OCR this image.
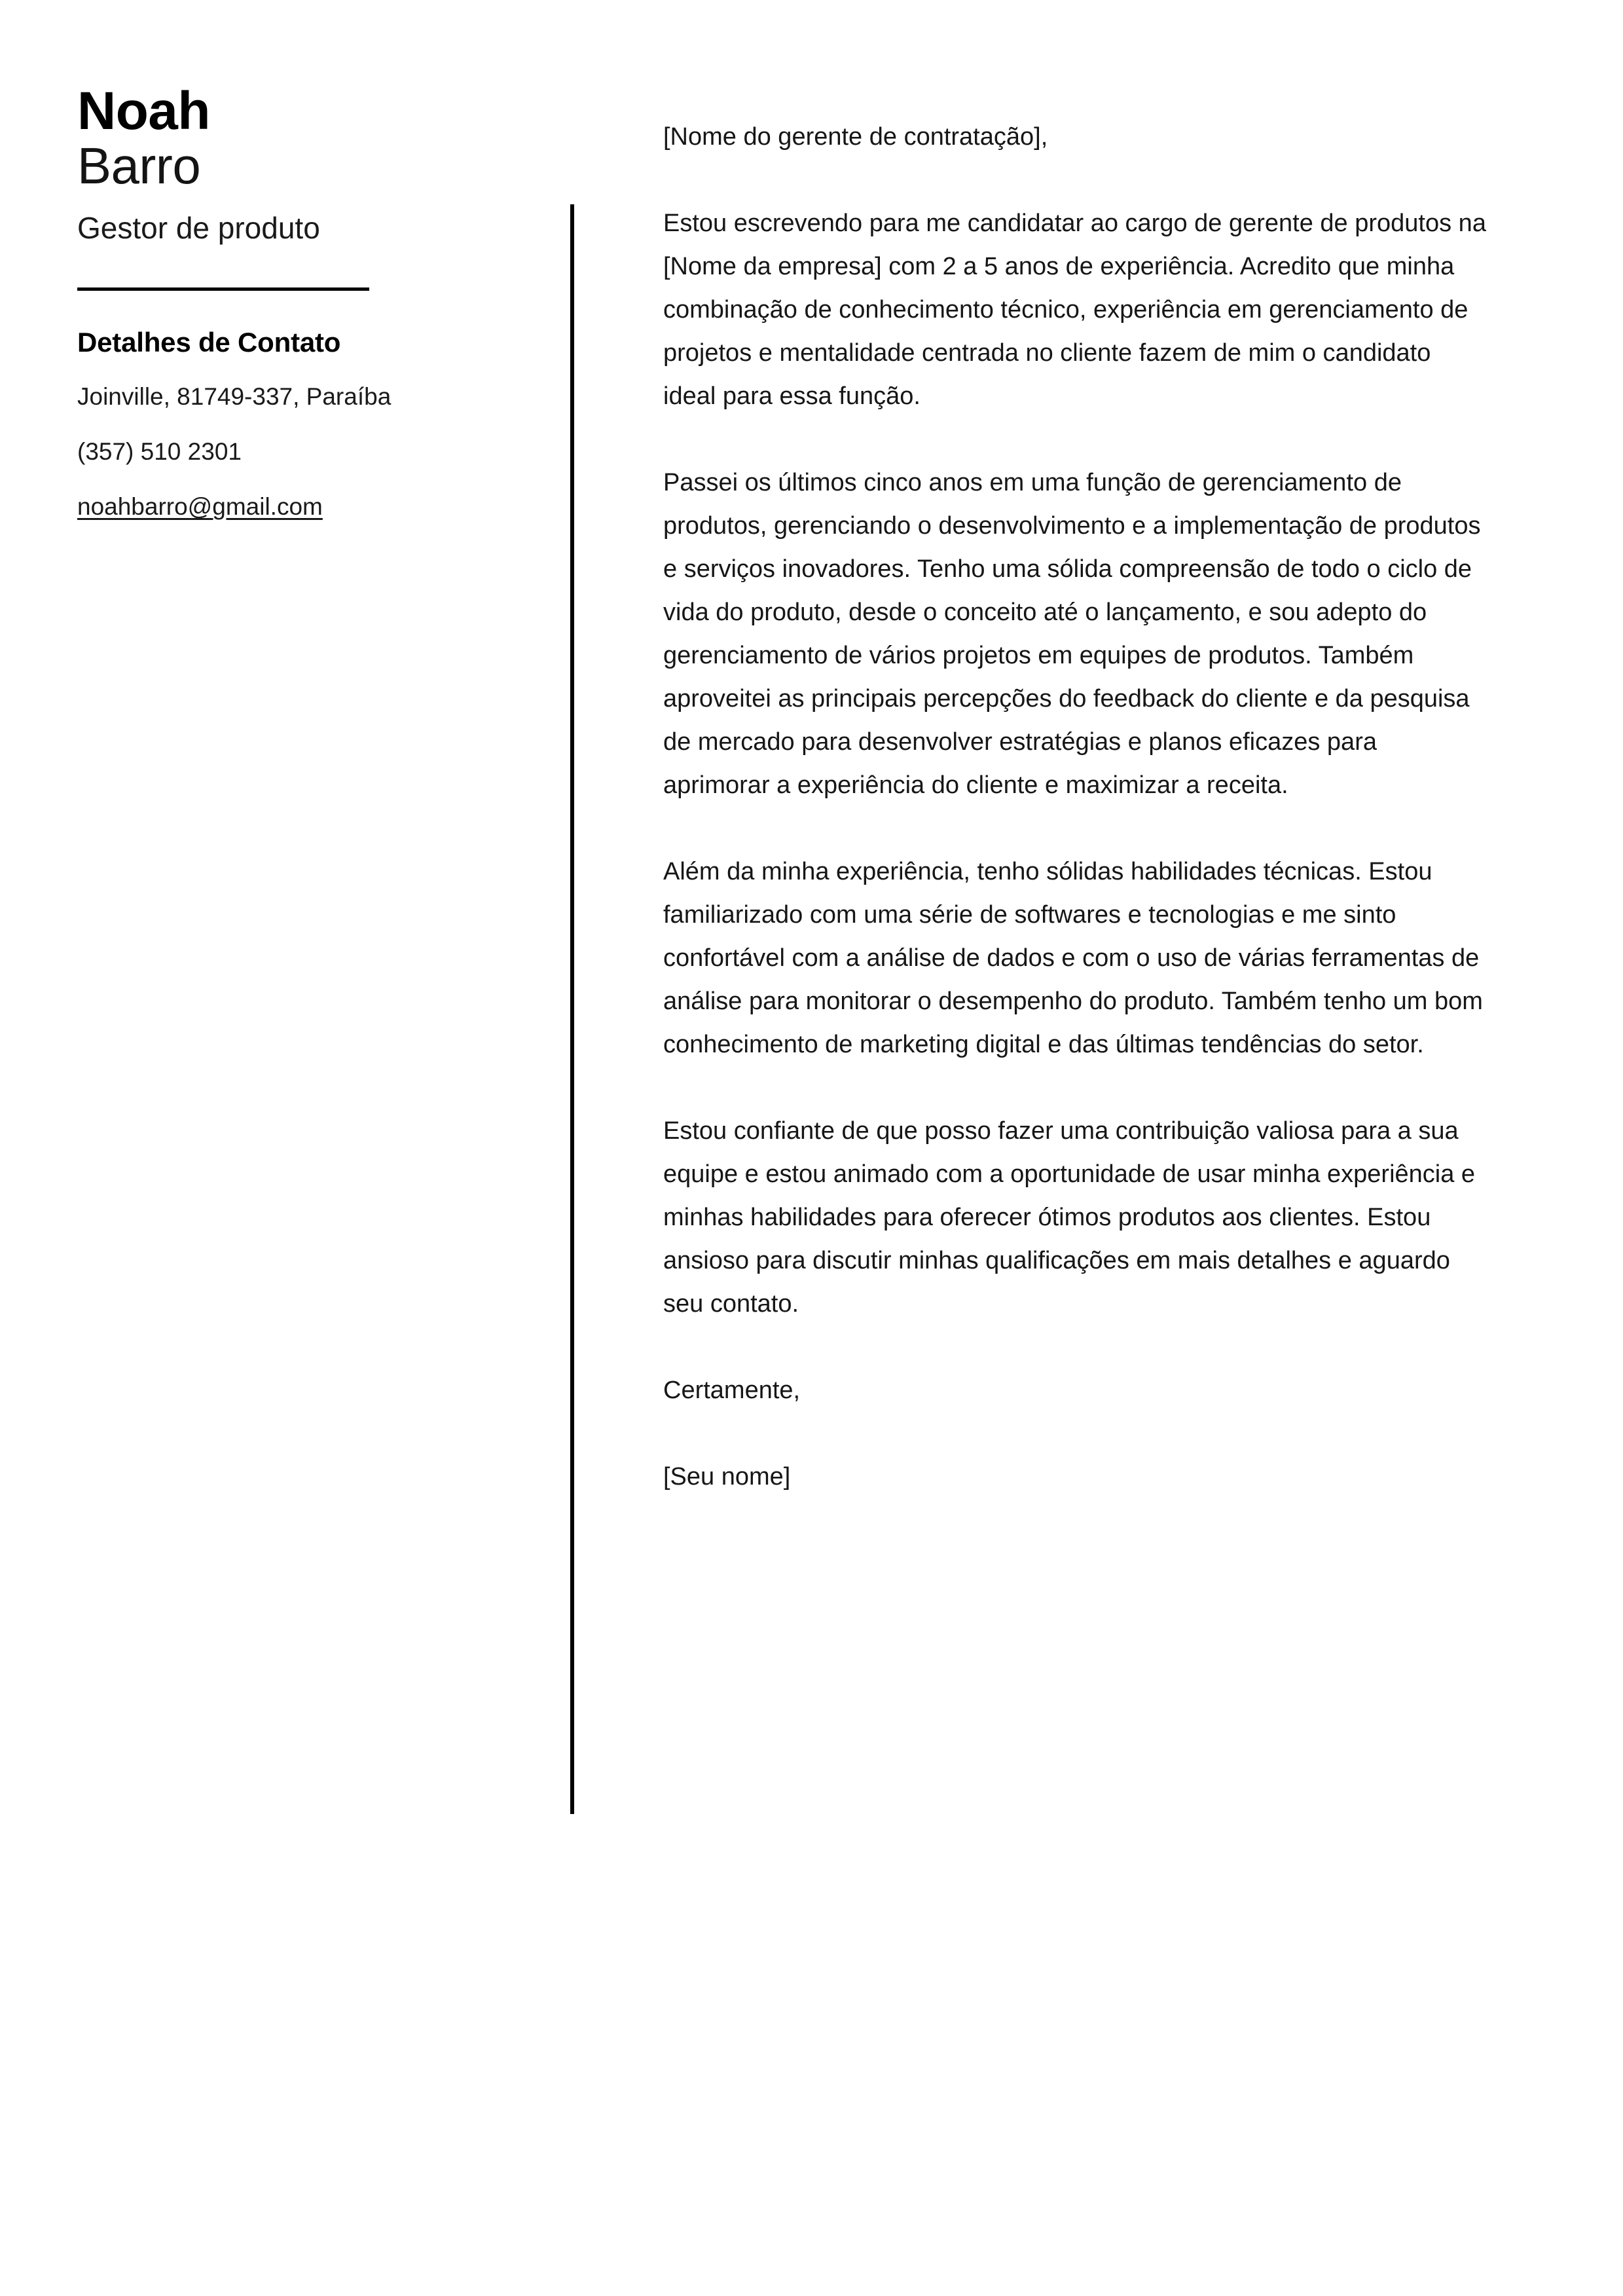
Noah
Barro
Gestor de produto
Detalhes de Contato
Joinville, 81749-337, Paraíba
(357) 510 2301
noahbarro@gmail.com

[Nome do gerente de contratação],

Estou escrevendo para me candidatar ao cargo de gerente de produtos na [Nome da empresa] com 2 a 5 anos de experiência. Acredito que minha combinação de conhecimento técnico, experiência em gerenciamento de projetos e mentalidade centrada no cliente fazem de mim o candidato ideal para essa função.

Passei os últimos cinco anos em uma função de gerenciamento de produtos, gerenciando o desenvolvimento e a implementação de produtos e serviços inovadores. Tenho uma sólida compreensão de todo o ciclo de vida do produto, desde o conceito até o lançamento, e sou adepto do gerenciamento de vários projetos em equipes de produtos. Também aproveitei as principais percepções do feedback do cliente e da pesquisa de mercado para desenvolver estratégias e planos eficazes para aprimorar a experiência do cliente e maximizar a receita.

Além da minha experiência, tenho sólidas habilidades técnicas. Estou familiarizado com uma série de softwares e tecnologias e me sinto confortável com a análise de dados e com o uso de várias ferramentas de análise para monitorar o desempenho do produto. Também tenho um bom conhecimento de marketing digital e das últimas tendências do setor.

Estou confiante de que posso fazer uma contribuição valiosa para a sua equipe e estou animado com a oportunidade de usar minha experiência e minhas habilidades para oferecer ótimos produtos aos clientes. Estou ansioso para discutir minhas qualificações em mais detalhes e aguardo seu contato.

Certamente,

[Seu nome]
